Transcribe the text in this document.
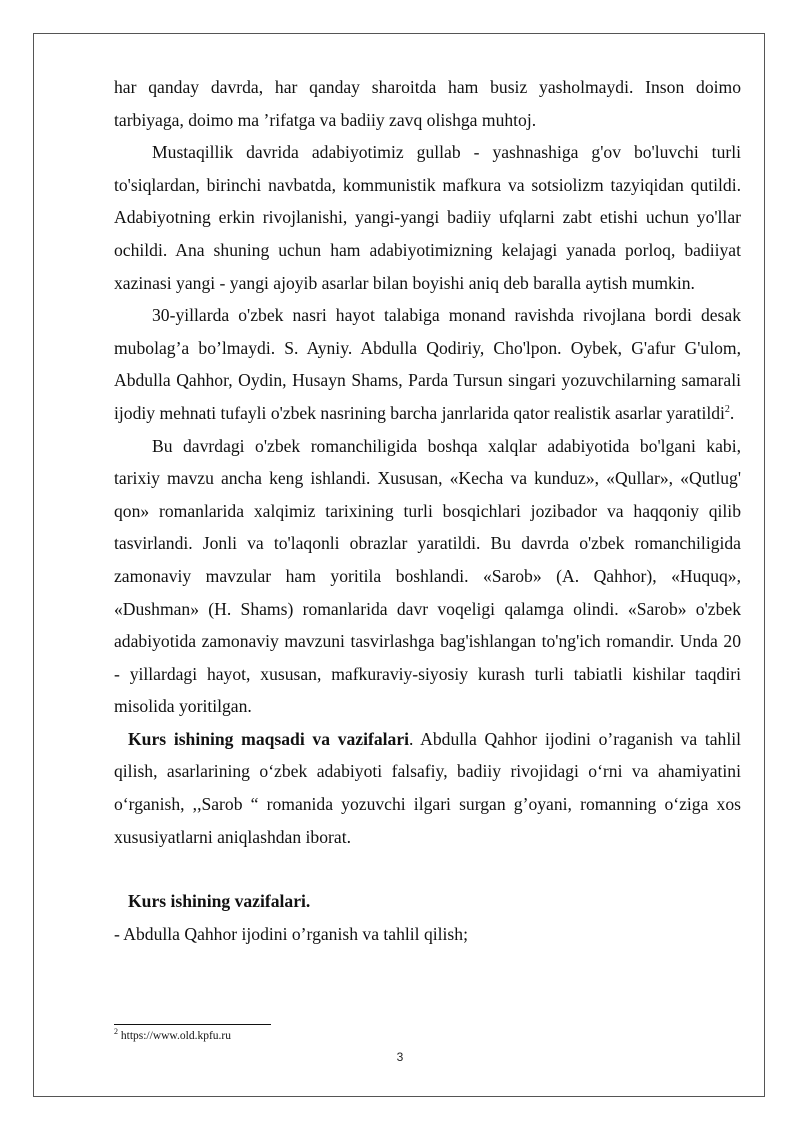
har qanday davrda, har qanday sharoitda ham busiz yasholmaydi. Inson doimo tarbiyaga, doimo ma ’rifatga va badiiy zavq olishga muhtoj.

Mustaqillik davrida adabiyotimiz gullab - yashnashiga g'ov bo'luvchi turli to'siqlardan, birinchi navbatda, kommunistik mafkura va sotsiolizm tazyiqidan qutildi. Adabiyotning erkin rivojlanishi, yangi-yangi badiiy ufqlarni zabt etishi uchun yo'llar ochildi. Ana shuning uchun ham adabiyotimizning kelajagi yanada porloq, badiiyat xazinasi yangi - yangi ajoyib asarlar bilan boyishi aniq deb baralla aytish mumkin.

30-yillarda o'zbek nasri hayot talabiga monand ravishda rivojlana bordi desak mubolag’a bo’lmaydi. S. Ayniy. Abdulla Qodiriy, Cho'lpon. Oybek, G'afur G'ulom, Abdulla Qahhor, Oydin, Husayn Shams, Parda Tursun singari yozuvchilarning samarali ijodiy mehnati tufayli o'zbek nasrining barcha janrlarida qator realistik asarlar yaratildi$^2$.

Bu davrdagi o'zbek romanchiligida boshqa xalqlar adabiyotida bo'lgani kabi, tarixiy mavzu ancha keng ishlandi. Xususan, «Kecha va kunduz», «Qullar», «Qutlug' qon» romanlarida xalqimiz tarixining turli bosqichlari jozibador va haqqoniy qilib tasvirlandi. Jonli va to'laqonli obrazlar yaratildi. Bu davrda o'zbek romanchiligida zamonaviy mavzular ham yoritila boshlandi. «Sarob» (A. Qahhor), «Huquq», «Dushman» (H. Shams) romanlarida davr voqeligi qalamga olindi. «Sarob» o'zbek adabiyotida zamonaviy mavzuni tasvirlashga bag'ishlangan to'ng'ich romandir. Unda 20 - yillardagi hayot, xususan, mafkuraviy-siyosiy kurash turli tabiatli kishilar taqdiri misolida yoritilgan.

Kurs ishining maqsadi va vazifalari. Abdulla Qahhor ijodini o’raganish va tahlil qilish, asarlarining o‘zbek adabiyoti falsafiy, badiiy rivojidagi o‘rni va ahamiyatini o‘rganish, ,,Sarob “ romanida yozuvchi ilgari surgan g’oyani, romanning o‘ziga xos xususiyatlarni aniqlashdan iborat.

Kurs ishining vazifalari.

- Abdulla Qahhor ijodini o’rganish va tahlil qilish;

$^2$ https://www.old.kpfu.ru
3
